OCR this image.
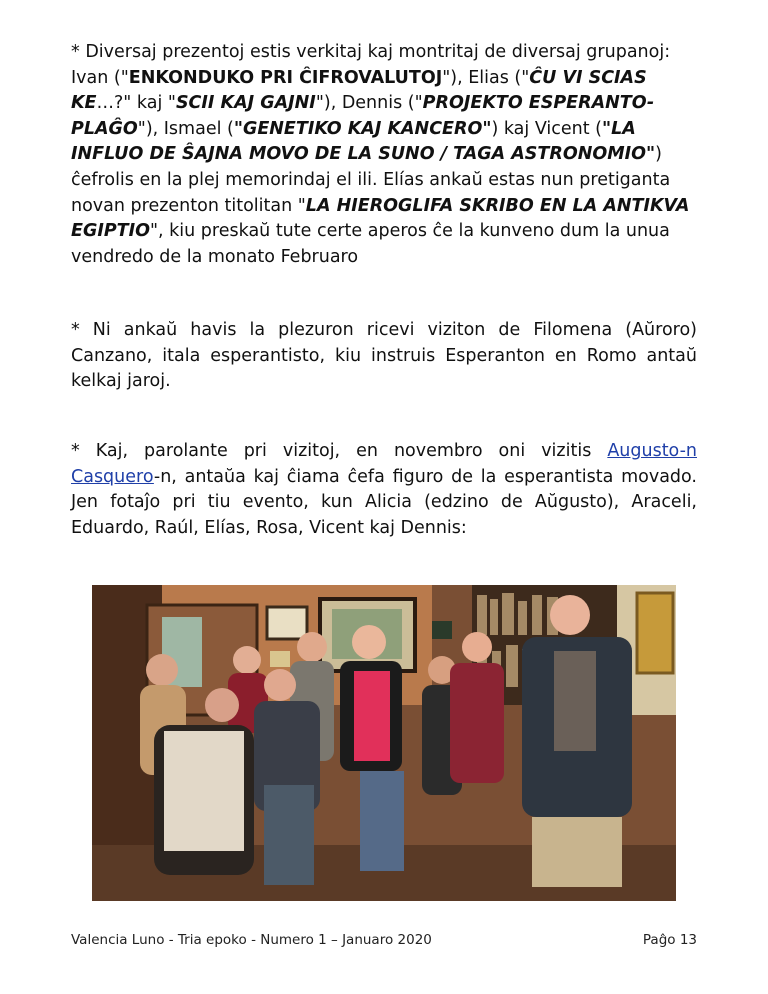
* Diversaj prezentoj estis verkitaj kaj montritaj de diversaj grupanoj: Ivan ("ENKONDUKO PRI ĈIFROVALUTOJ"), Elias ("ĈU VI SCIAS KE…?" kaj "SCII KAJ GAJNI"), Dennis ("PROJEKTO ESPERANTO-PLAĜO"), Ismael ("GENETIKO KAJ KANCERO") kaj Vicent ("LA INFLUO DE ŜAJNA MOVO DE LA SUNO / TAGA ASTRONOMIO") ĉefrolis en la plej memorindaj el ili. Elías ankaŭ estas nun pretiganta novan prezenton titolitan "LA HIEROGLIFA SKRIBO EN LA ANTIKVA EGIPTIO", kiu preskaŭ tute certe aperos ĉe la kunveno dum la unua vendredo de la monato Februaro

* Ni ankaŭ havis la plezuron ricevi viziton de Filomena (Aŭroro) Canzano, itala esperantisto, kiu instruis Esperanton en Romo antaŭ kelkaj jaroj.

* Kaj, parolante pri vizitoj, en novembro oni vizitis Augusto-n Casquero-n, antaŭa kaj ĉiama ĉefa figuro de la esperantista movado. Jen fotaĵo pri tiu evento, kun Alicia (edzino de Aŭgusto), Araceli, Eduardo, Raúl, Elías, Rosa, Vicent kaj Dennis:

Valencia Luno - Tria epoko - Numero 1 – Januaro 2020	Paĝo 13
